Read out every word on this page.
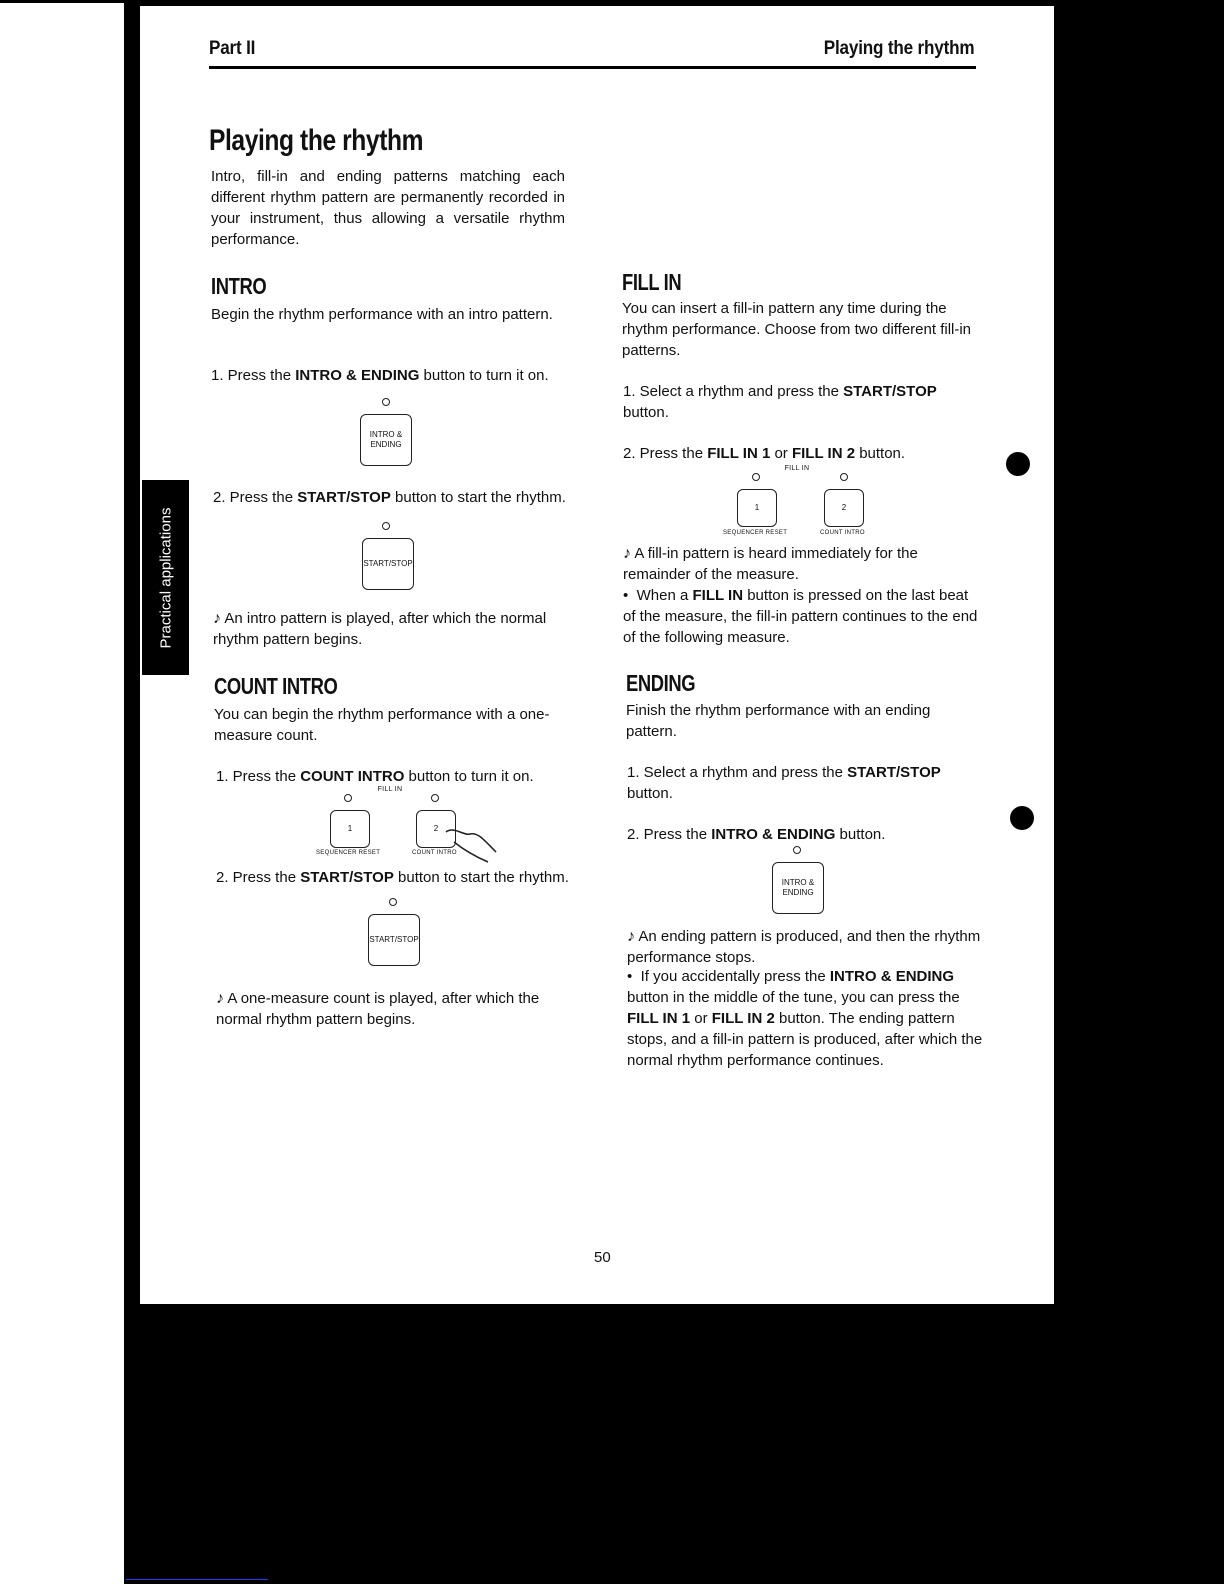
Part II	Playing the rhythm
Playing the rhythm

Intro, fill-in and ending patterns matching each different rhythm pattern are permanently recorded in your instrument, thus allowing a versatile rhythm performance.

Practical applications
INTRO

Begin the rhythm performance with an intro pattern.

1. Press the INTRO & ENDING button to turn it on.

INTRO & ENDING

2. Press the START/STOP button to start the rhythm.

START/STOP

♪ An intro pattern is played, after which the normal rhythm pattern begins.

COUNT INTRO

You can begin the rhythm performance with a one-measure count.

1. Press the COUNT INTRO button to turn it on.

FILL IN
1	2
SEQUENCER RESET	COUNT INTRO

2. Press the START/STOP button to start the rhythm.

START/STOP

♪ A one-measure count is played, after which the normal rhythm pattern begins.

FILL IN

You can insert a fill-in pattern any time during the rhythm performance. Choose from two different fill-in patterns.

1. Select a rhythm and press the START/STOP button.

2. Press the FILL IN 1 or FILL IN 2 button.

FILL IN
1	2
SEQUENCER RESET	COUNT INTRO

♪ A fill-in pattern is heard immediately for the remainder of the measure.

• When a FILL IN button is pressed on the last beat of the measure, the fill-in pattern continues to the end of the following measure.

ENDING

Finish the rhythm performance with an ending pattern.

1. Select a rhythm and press the START/STOP button.

2. Press the INTRO & ENDING button.

INTRO & ENDING

♪ An ending pattern is produced, and then the rhythm performance stops.

• If you accidentally press the INTRO & ENDING button in the middle of the tune, you can press the FILL IN 1 or FILL IN 2 button. The ending pattern stops, and a fill-in pattern is produced, after which the normal rhythm performance continues.

50
